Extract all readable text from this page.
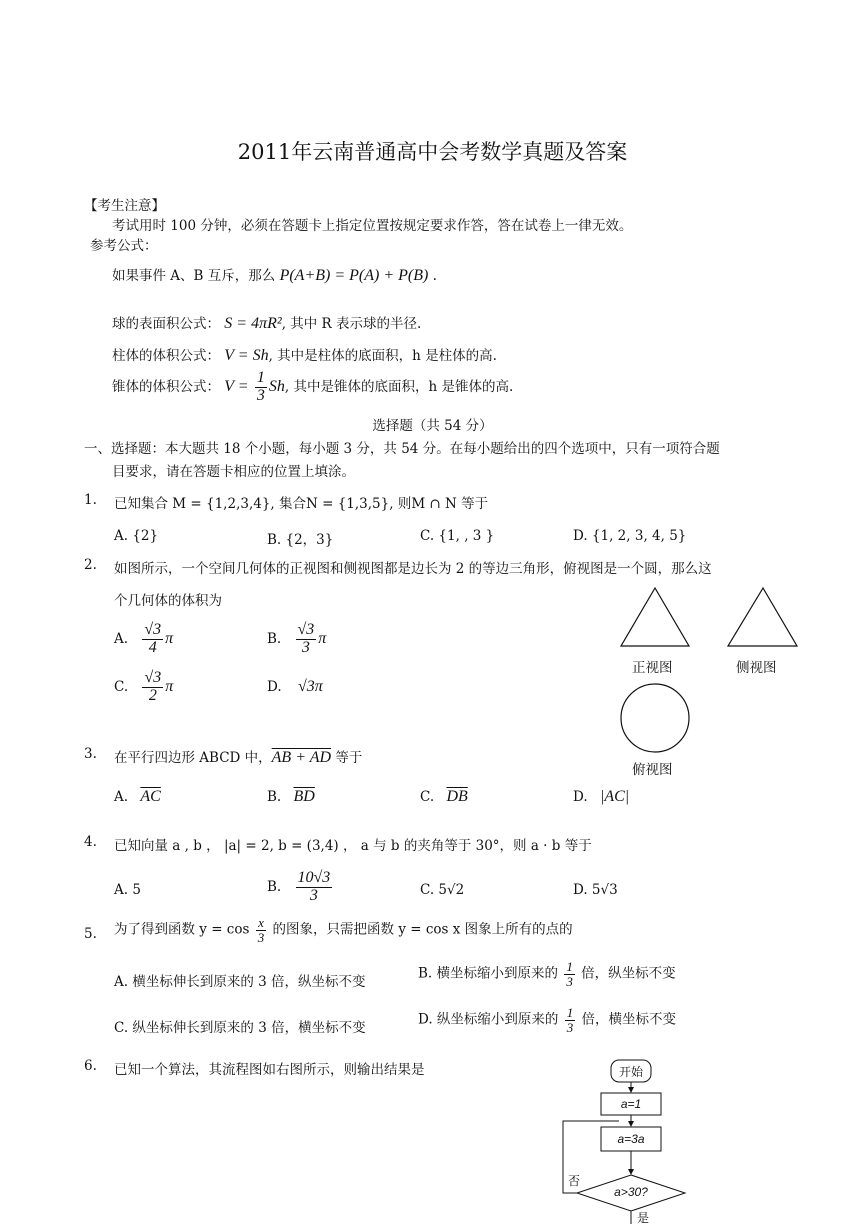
2011年云南普通高中会考数学真题及答案
【考生注意】
考试用时 100 分钟，必须在答题卡上指定位置按规定要求作答，答在试卷上一律无效。
参考公式：
如果事件 A、B 互斥，那么 P(A+B) = P(A) + P(B) .
球的表面积公式： S = 4πR², 其中 R 表示球的半径.
柱体的体积公式： V = Sh, 其中是柱体的底面积，h 是柱体的高.
锥体的体积公式： $V = \frac{1}{3} Sh$, 其中是锥体的底面积，h 是锥体的高.
选择题（共 54 分）
一、选择题：本大题共 18 个小题，每小题 3 分，共 54 分。在每小题给出的四个选项中，只有一项符合题
目要求，请在答题卡相应的位置上填涂。
1. 已知集合 M = {1,2,3,4}, 集合N = {1,3,5}, 则M ∩ N 等于
A. {2}	B. {2，3}	C. {1, , 3 }	D. {1, 2, 3, 4, 5}
2. 如图所示，一个空间几何体的正视图和侧视图都是边长为 2 的等边三角形，俯视图是一个圆，那么这
个几何体的体积为
A. $\frac{√3}{4}$ π	B. $\frac{√3}{3}$ π
C. $\frac{√3}{2}$ π	D. √3π
正视图	侧视图
俯视图
3. 在平行四边形 ABCD 中，AB + AD 等于
A. $\overline{AC}$	B. $\overline{BD}$	C. $\overline{DB}$	D. |AC|
4. 已知向量 a , b ， |a| = 2, b = (3,4) ， a 与 b 的夹角等于 30°，则 a · b 等于
A. 5	B. $\frac{10√3}{3}$	C. 5√2	D. 5√3
5. 为了得到函数 $y = \cos \frac{x}{3}$ 的图象，只需把函数 y = cos x 图象上所有的点的
A. 横坐标伸长到原来的 3 倍，纵坐标不变
B. 横坐标缩小到原来的 $\frac{1}{3}$ 倍，纵坐标不变
C. 纵坐标伸长到原来的 3 倍，横坐标不变
D. 纵坐标缩小到原来的 $\frac{1}{3}$ 倍，横坐标不变
6. 已知一个算法，其流程图如右图所示，则输出结果是	开始
a=1
a=3a
a>30?
否
是
